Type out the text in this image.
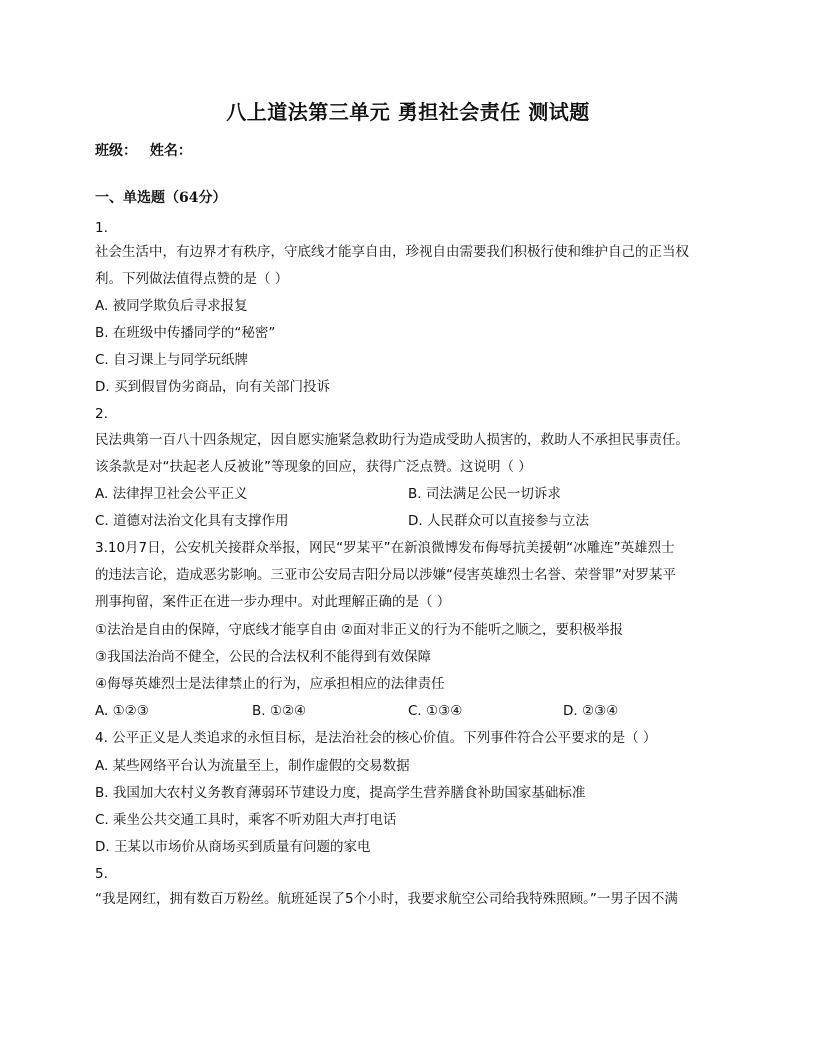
八上道法第三单元 勇担社会责任 测试题
班级： 姓名：
一、单选题（64分）
1.
社会生活中，有边界才有秩序，守底线才能享自由，珍视自由需要我们积极行使和维护自己的正当权
利。下列做法值得点赞的是（ ）
A. 被同学欺负后寻求报复
B. 在班级中传播同学的“秘密”
C. 自习课上与同学玩纸牌
D. 买到假冒伪劣商品，向有关部门投诉
2.
民法典第一百八十四条规定，因自愿实施紧急救助行为造成受助人损害的，救助人不承担民事责任。
该条款是对“扶起老人反被讹”等现象的回应，获得广泛点赞。这说明（ ）
A. 法律捍卫社会公平正义	B. 司法满足公民一切诉求
C. 道德对法治文化具有支撑作用	D. 人民群众可以直接参与立法
3.10月7日，公安机关接群众举报，网民“罗某平”在新浪微博发布侮辱抗美援朝“冰雕连”英雄烈士
的违法言论，造成恶劣影响。三亚市公安局吉阳分局以涉嫌“侵害英雄烈士名誉、荣誉罪”对罗某平
刑事拘留，案件正在进一步办理中。对此理解正确的是（ ）
①法治是自由的保障，守底线才能享自由 ②面对非正义的行为不能听之顺之，要积极举报
③我国法治尚不健全，公民的合法权利不能得到有效保障
④侮辱英雄烈士是法律禁止的行为，应承担相应的法律责任
A. ①②③	B. ①②④	C. ①③④	D. ②③④
4. 公平正义是人类追求的永恒目标，是法治社会的核心价值。下列事件符合公平要求的是（ ）
A. 某些网络平台认为流量至上，制作虚假的交易数据
B. 我国加大农村义务教育薄弱环节建设力度，提高学生营养膳食补助国家基础标准
C. 乘坐公共交通工具时，乘客不听劝阻大声打电话
D. 王某以市场价从商场买到质量有问题的家电
5.
“我是网红，拥有数百万粉丝。航班延误了5个小时，我要求航空公司给我特殊照顾。”一男子因不满
